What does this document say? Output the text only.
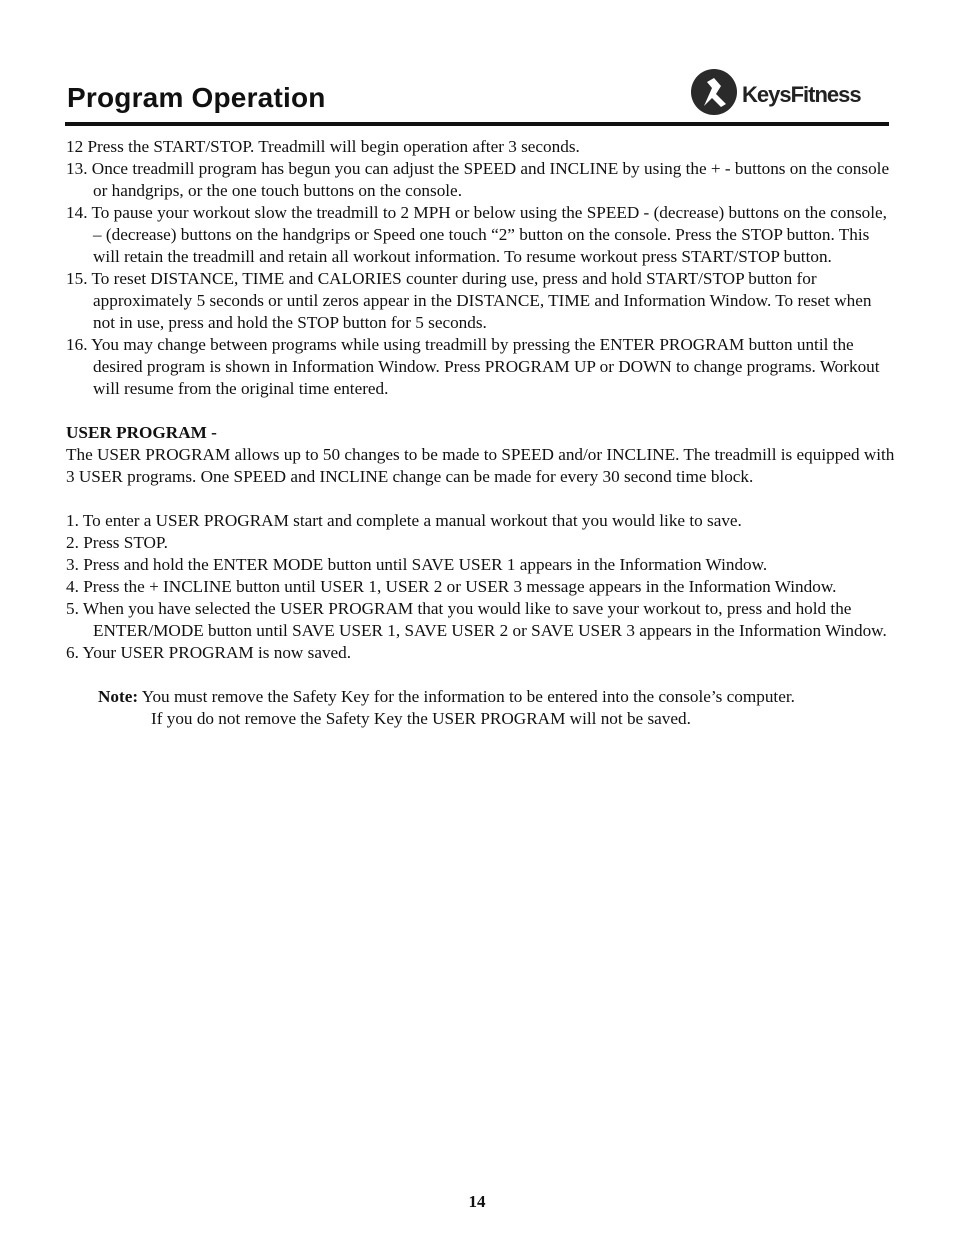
Program Operation	KeysFitness

12 Press the START/STOP. Treadmill will begin operation after 3 seconds.

13. Once treadmill program has begun you can adjust the SPEED and INCLINE by using the + - buttons on the console or handgrips, or the one touch buttons on the console.

14. To pause your workout slow the treadmill to 2 MPH or below using the SPEED - (decrease) buttons on the console, – (decrease) buttons on the handgrips or Speed one touch “2” button on the console. Press the STOP button. This will retain the treadmill and retain all workout information. To resume workout press START/STOP button.

15. To reset DISTANCE, TIME and CALORIES counter during use, press and hold START/STOP button for approximately 5 seconds or until zeros appear in the DISTANCE, TIME and Information Window. To reset when not in use, press and hold the STOP button for 5 seconds.

16. You may change between programs while using treadmill by pressing the ENTER PROGRAM button until the desired program is shown in Information Window. Press PROGRAM UP or DOWN to change programs. Workout will resume from the original time entered.

USER PROGRAM -

The USER PROGRAM allows up to 50 changes to be made to SPEED and/or INCLINE. The treadmill is equipped with 3 USER programs. One SPEED and INCLINE change can be made for every 30 second time block.

1. To enter a USER PROGRAM start and complete a manual workout that you would like to save.

2. Press STOP.

3. Press and hold the ENTER MODE button until SAVE USER 1 appears in the Information Window.

4. Press the + INCLINE button until USER 1, USER 2 or USER 3 message appears in the Information Window.

5. When you have selected the USER PROGRAM that you would like to save your workout to, press and hold the ENTER/MODE button until SAVE USER 1, SAVE USER 2 or SAVE USER 3 appears in the Information Window.

6. Your USER PROGRAM is now saved.

Note: You must remove the Safety Key for the information to be entered into the console’s computer.

If you do not remove the Safety Key the USER PROGRAM will not be saved.

14
